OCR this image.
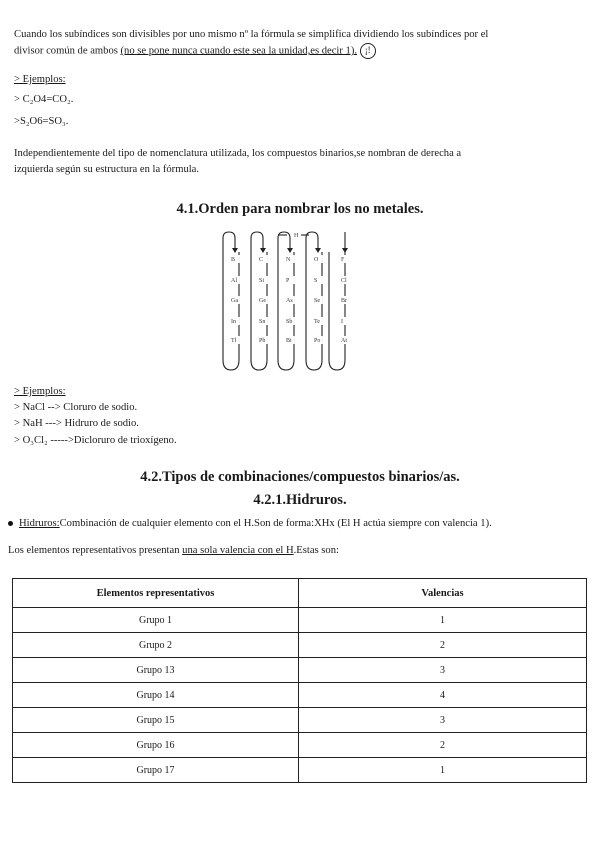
Cuando los subíndices son divisibles por uno mismo nº la fórmula se simplifica dividiendo los subíndices por el

divisor común de ambos (no se pone nunca cuando este sea la unidad,es decir 1). ¡!

> Ejemplos:

> C₂O4=CO₂.

>S₂O6=SO₃.

Independientemente del tipo de nomenclatura utilizada, los compuestos binarios,se nombran de derecha a

izquierda según su estructura en la fórmula.

4.1.Orden para nombrar los no metales.
H
B
Al
Ga
In
Tl
C
Si
Ge
Sn
Pb
N
P
As
Sb
Bi
O
S
Se
Te
Po
F
Cl
Br
I
At

> Ejemplos:

> NaCl --> Cloruro de sodio.

> NaH ---> Hidruro de sodio.

> O₃Cl₂ ----->Dicloruro de trioxígeno.

4.2.Tipos de combinaciones/compuestos binarios/as.
4.2.1.Hidruros.

Hidruros:Combinación de cualquier elemento con el H.Son de forma:XHx (El H actúa siempre con valencia 1).

Los elementos representativos presentan una sola valencia con el H.Estas son:

Elementos representativos	Valencias
Grupo 1	1
Grupo 2	2
Grupo 13	3
Grupo 14	4
Grupo 15	3
Grupo 16	2
Grupo 17	1
